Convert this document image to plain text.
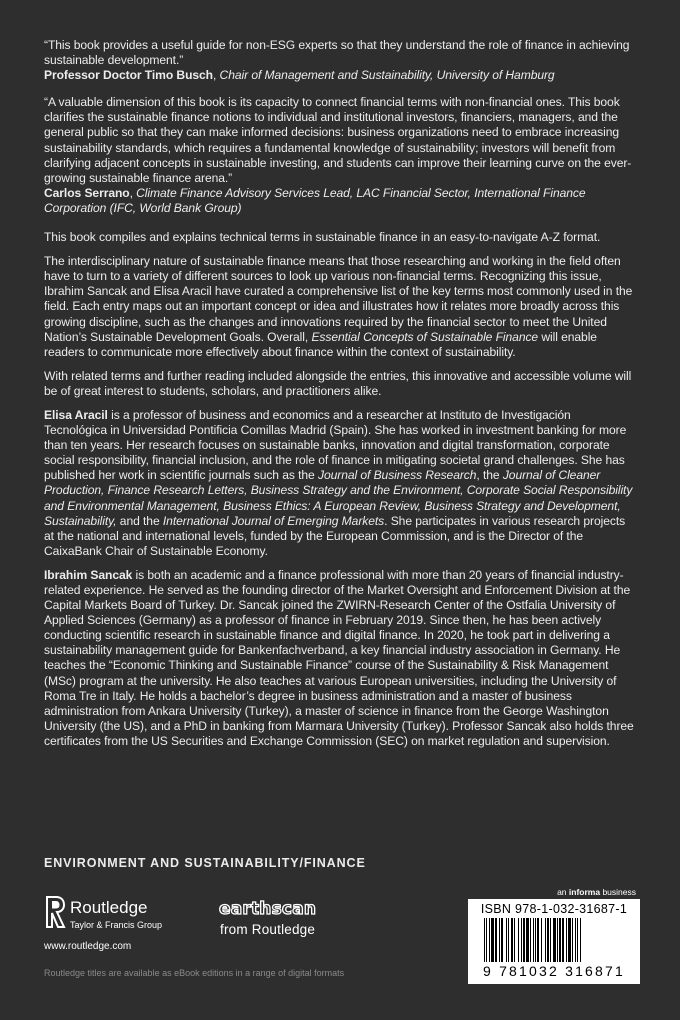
“This book provides a useful guide for non-ESG experts so that they understand the role of finance in achieving sustainable development.”

Professor Doctor Timo Busch, Chair of Management and Sustainability, University of Hamburg

“A valuable dimension of this book is its capacity to connect financial terms with non-financial ones. This book clarifies the sustainable finance notions to individual and institutional investors, financiers, managers, and the general public so that they can make informed decisions: business organizations need to embrace increasing sustainability standards, which requires a fundamental knowledge of sustainability; investors will benefit from clarifying adjacent concepts in sustainable investing, and students can improve their learning curve on the ever-growing sustainable finance arena.”

Carlos Serrano, Climate Finance Advisory Services Lead, LAC Financial Sector, International Finance Corporation (IFC, World Bank Group)

This book compiles and explains technical terms in sustainable finance in an easy-to-navigate A-Z format.

The interdisciplinary nature of sustainable finance means that those researching and working in the field often have to turn to a variety of different sources to look up various non-financial terms. Recognizing this issue, Ibrahim Sancak and Elisa Aracil have curated a comprehensive list of the key terms most commonly used in the field. Each entry maps out an important concept or idea and illustrates how it relates more broadly across this growing discipline, such as the changes and innovations required by the financial sector to meet the United Nation’s Sustainable Development Goals. Overall, Essential Concepts of Sustainable Finance will enable readers to communicate more effectively about finance within the context of sustainability.

With related terms and further reading included alongside the entries, this innovative and accessible volume will be of great interest to students, scholars, and practitioners alike.

Elisa Aracil is a professor of business and economics and a researcher at Instituto de Investigación Tecnológica in Universidad Pontificia Comillas Madrid (Spain). She has worked in investment banking for more than ten years. Her research focuses on sustainable banks, innovation and digital transformation, corporate social responsibility, financial inclusion, and the role of finance in mitigating societal grand challenges. She has published her work in scientific journals such as the Journal of Business Research, the Journal of Cleaner Production, Finance Research Letters, Business Strategy and the Environment, Corporate Social Responsibility and Environmental Management, Business Ethics: A European Review, Business Strategy and Development, Sustainability, and the International Journal of Emerging Markets. She participates in various research projects at the national and international levels, funded by the European Commission, and is the Director of the CaixaBank Chair of Sustainable Economy.

Ibrahim Sancak is both an academic and a finance professional with more than 20 years of financial industry-related experience. He served as the founding director of the Market Oversight and Enforcement Division at the Capital Markets Board of Turkey. Dr. Sancak joined the ZWIRN-Research Center of the Ostfalia University of Applied Sciences (Germany) as a professor of finance in February 2019. Since then, he has been actively conducting scientific research in sustainable finance and digital finance. In 2020, he took part in delivering a sustainability management guide for Bankenfachverband, a key financial industry association in Germany. He teaches the “Economic Thinking and Sustainable Finance” course of the Sustainability & Risk Management (MSc) program at the university. He also teaches at various European universities, including the University of Roma Tre in Italy. He holds a bachelor’s degree in business administration and a master of business administration from Ankara University (Turkey), a master of science in finance from the George Washington University (the US), and a PhD in banking from Marmara University (Turkey). Professor Sancak also holds three certificates from the US Securities and Exchange Commission (SEC) on market regulation and supervision.

ENVIRONMENT AND SUSTAINABILITY/FINANCE
an informa business
Routledge
Taylor & Francis Group
www.routledge.com
earthscan
from Routledge
ISBN 978-1-032-31687-1
9 781032 316871
Routledge titles are available as eBook editions in a range of digital formats
